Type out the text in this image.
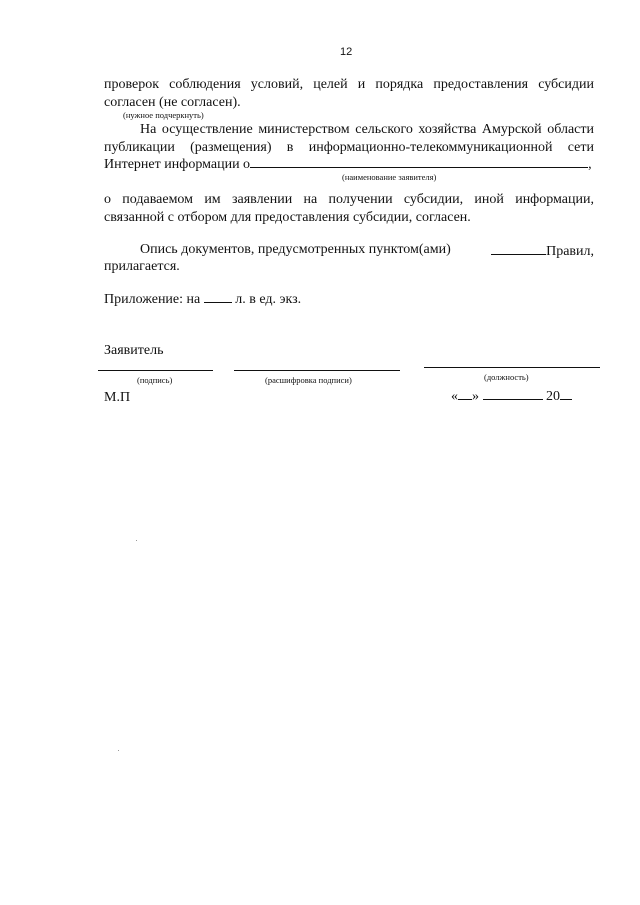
12
проверок соблюдения условий, целей и порядка предоставления субсидии
согласен (не согласен).
(нужное подчеркнуть)
На осуществление министерством сельского хозяйства Амурской области
публикации (размещения) в информационно-телекоммуникационной сети
Интернет информации о	,
(наименование заявителя)
о подаваемом им заявлении на получении субсидии, иной информации,
связанной с отбором для предоставления субсидии, согласен.
Опись документов, предусмотренных пунктом(ами)	Правил,
прилагается.
Приложение: на	л. в ед. экз.
Заявитель
(подпись)	(расшифровка подписи)	(должность)
М.П	« »	20
